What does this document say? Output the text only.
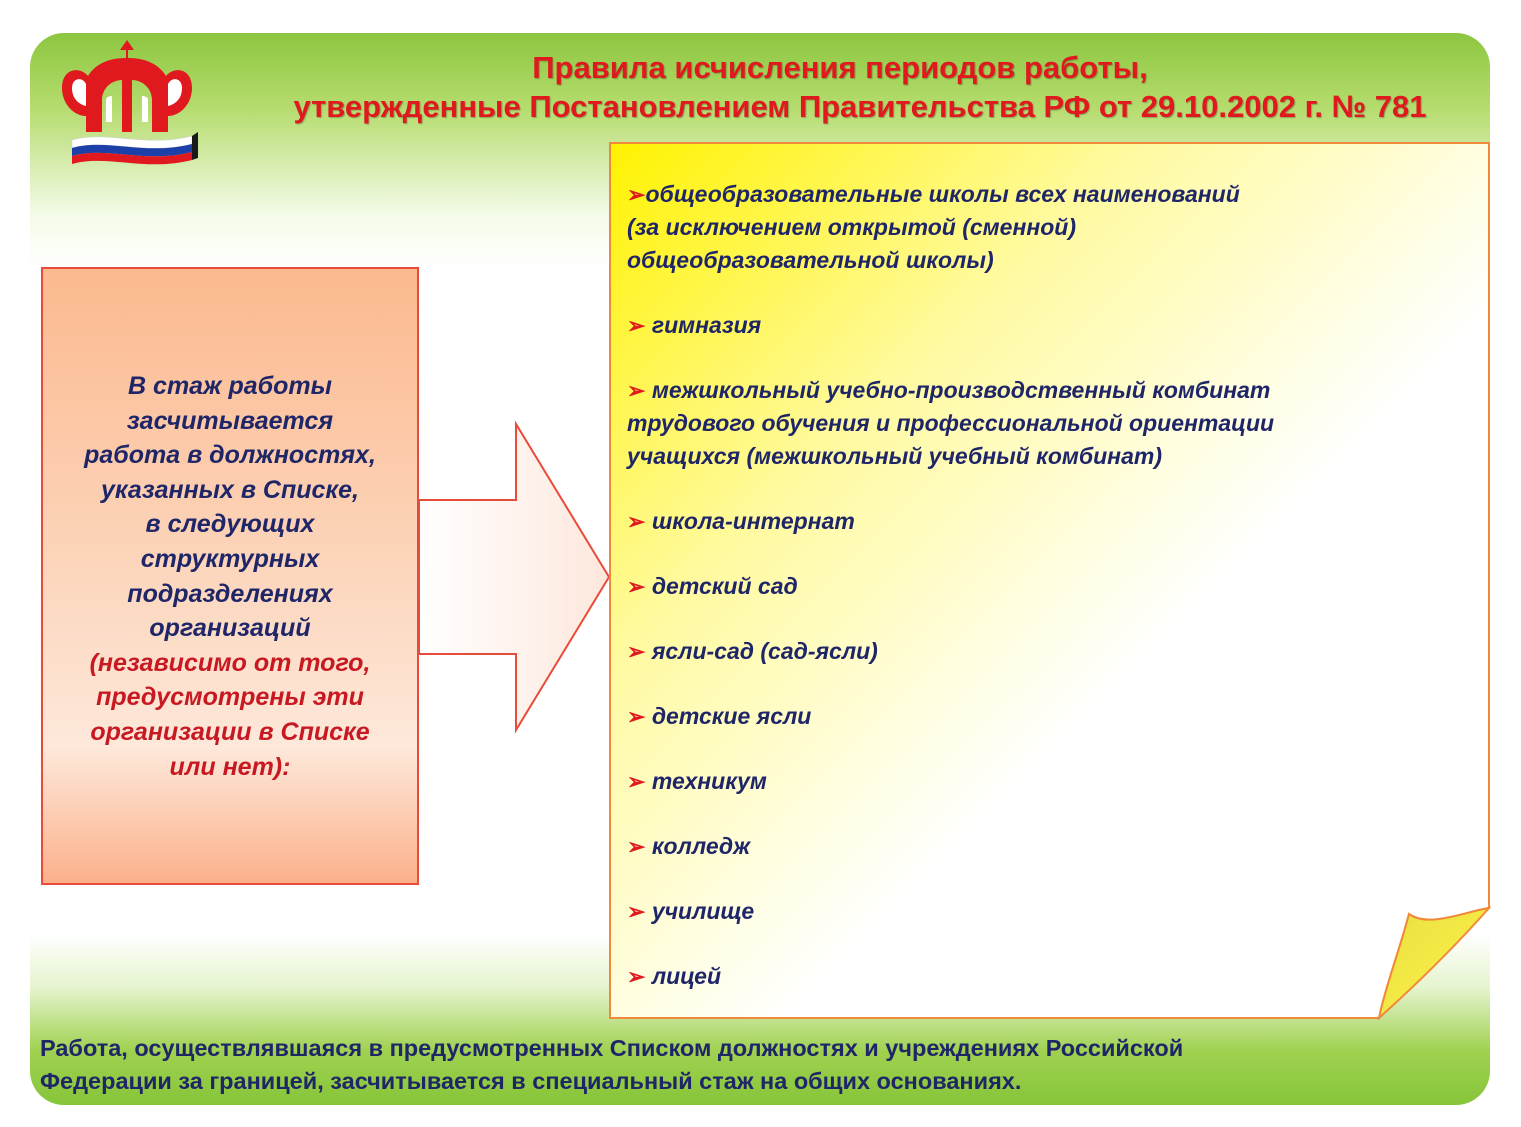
Правила исчисления периодов работы,
утвержденные Постановлением Правительства РФ от 29.10.2002 г. № 781
В стаж работы
засчитывается
работа в должностях,
указанных в Списке,
в следующих
структурных
подразделениях
организаций
(независимо от того,
предусмотрены эти
организации в Списке
или нет):
➢общеобразовательные школы всех наименований
(за исключением открытой (сменной)
общеобразовательной школы)
➢ гимназия
➢ межшкольный учебно-производственный комбинат
трудового обучения и профессиональной ориентации
учащихся (межшкольный учебный комбинат)
➢ школа-интернат
➢ детский сад
➢ ясли-сад (сад-ясли)
➢ детские ясли
➢ техникум
➢ колледж
➢ училище
➢ лицей

Работа, осуществлявшаяся в предусмотренных Списком должностях и учреждениях Российской
Федерации за границей, засчитывается в специальный стаж на общих основаниях.
